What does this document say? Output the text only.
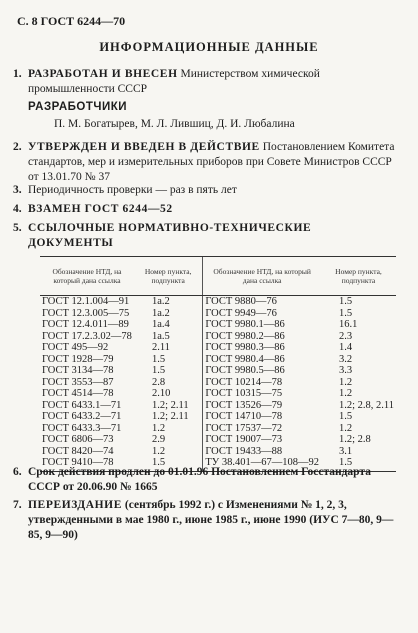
С. 8 ГОСТ 6244—70
ИНФОРМАЦИОННЫЕ ДАННЫЕ
1. РАЗРАБОТАН И ВНЕСЕН Министерством химической промышленности СССР
РАЗРАБОТЧИКИ
П. М. Богатырев, М. Л. Лившиц, Д. И. Любалина
2. УТВЕРЖДЕН И ВВЕДЕН В ДЕЙСТВИЕ Постановлением Комитета стандартов, мер и измерительных приборов при Совете Министров СССР от 13.01.70 № 37
3. Периодичность проверки — раз в пять лет
4. ВЗАМЕН ГОСТ 6244—52
5. ССЫЛОЧНЫЕ НОРМАТИВНО-ТЕХНИЧЕСКИЕ ДОКУМЕНТЫ
Обозначение НТД, на который дана ссылка	Номер пункта, подпункта	Обозначение НТД, на который дана ссылка	Номер пункта, подпункта
ГОСТ 12.1.004—91	1а.2	ГОСТ 9880—76	1.5
ГОСТ 12.3.005—75	1а.2	ГОСТ 9949—76	1.5
ГОСТ 12.4.011—89	1а.4	ГОСТ 9980.1—86	16.1
ГОСТ 17.2.3.02—78	1а.5	ГОСТ 9980.2—86	2.3
ГОСТ 495—92	2.11	ГОСТ 9980.3—86	1.4
ГОСТ 1928—79	1.5	ГОСТ 9980.4—86	3.2
ГОСТ 3134—78	1.5	ГОСТ 9980.5—86	3.3
ГОСТ 3553—87	2.8	ГОСТ 10214—78	1.2
ГОСТ 4514—78	2.10	ГОСТ 10315—75	1.2
ГОСТ 6433.1—71	1.2; 2.11	ГОСТ 13526—79	1.2; 2.8, 2.11
ГОСТ 6433.2—71	1.2; 2.11	ГОСТ 14710—78	1.5
ГОСТ 6433.3—71	1.2	ГОСТ 17537—72	1.2
ГОСТ 6806—73	2.9	ГОСТ 19007—73	1.2; 2.8
ГОСТ 8420—74	1.2	ГОСТ 19433—88	3.1
ГОСТ 9410—78	1.5	ТУ 38.401—67—108—92	1.5
6. Срок действия продлен до 01.01.96 Постановлением Госстандарта СССР от 20.06.90 № 1665
7. ПЕРЕИЗДАНИЕ (сентябрь 1992 г.) с Изменениями № 1, 2, 3, утвержденными в мае 1980 г., июне 1985 г., июне 1990 (ИУС 7—80, 9—85, 9—90)
